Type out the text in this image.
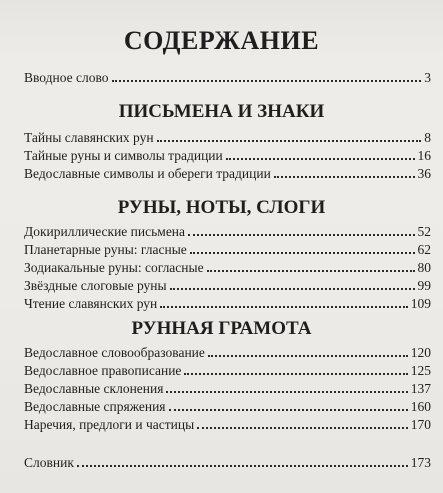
СОДЕРЖАНИЕ
Вводное слово	3
ПИСЬМЕНА И ЗНАКИ
Тайны славянских рун	8
Тайные руны и символы традиции	16
Ведославные символы и обереги традиции	36
РУНЫ, НОТЫ, СЛОГИ
Докириллические письмена	52
Планетарные руны: гласные	62
Зодиакальные руны: согласные	80
Звёздные слоговые руны	99
Чтение славянских рун	109
РУННАЯ ГРАМОТА
Ведославное словообразование	120
Ведославное правописание	125
Ведославные склонения	137
Ведославные спряжения	160
Наречия, предлоги и частицы	170
Словник	173
